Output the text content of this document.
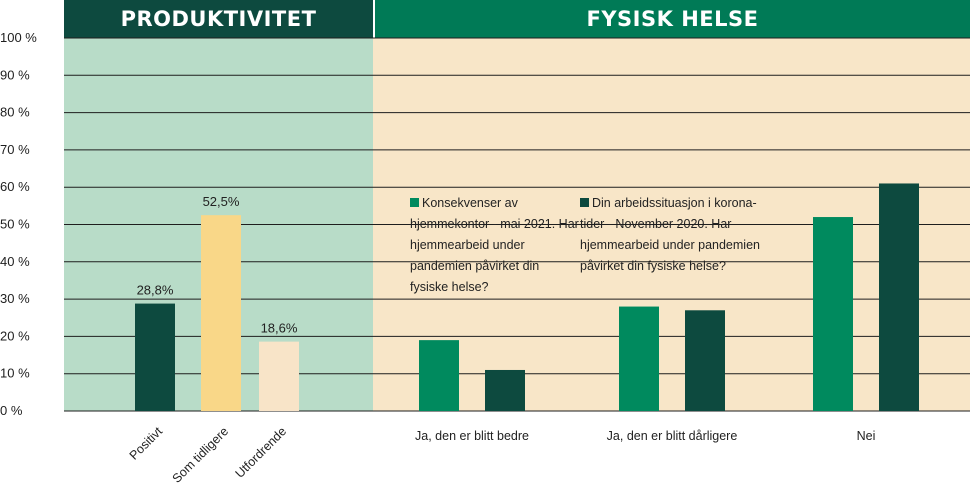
PRODUKTIVITET	FYSISK HELSE
0 %
10 %
20 %
30 %
40 %
50 %
60 %
70 %
80 %
90 %
100 %
28,8%
Positivt
52,5%
Som tidligere
18,6%
Utfordrende	Ja, den er blitt bedre	Ja, den er blitt dårligere	Nei
Konsekvenser av hjemmekontor - mai 2021. Har hjemmearbeid under pandemien påvirket din fysiske helse?
Din arbeidssituasjon i korona-tider - November 2020. Har hjemmearbeid under pandemien påvirket din fysiske helse?
